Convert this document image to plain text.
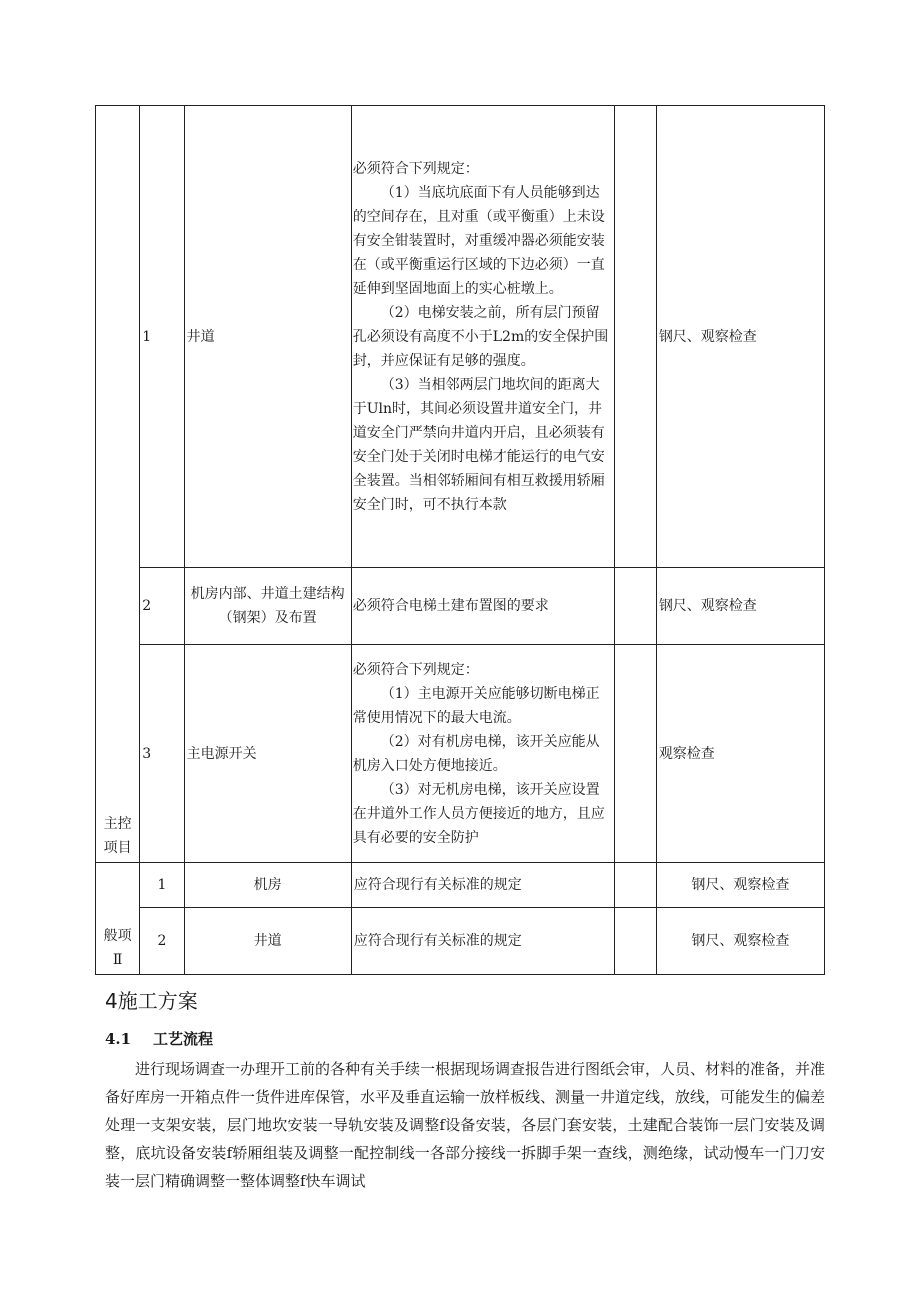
主控项目	1	井道	必须符合下列规定：

（1）当底坑底面下有人员能够到达的空间存在，且对重（或平衡重）上未设有安全钳装置时，对重缓冲器必须能安装在（或平衡重运行区域的下边必须）一直延伸到坚固地面上的实心桩墩上。

（2）电梯安装之前，所有层门预留孔必须设有高度不小于L2m的安全保护围封，并应保证有足够的强度。

（3）当相邻两层门地坎间的距离大于Uln时，其间必须设置井道安全门，井道安全门严禁向井道内开启，且必须装有安全门处于关闭时电梯才能运行的电气安全装置。当相邻轿厢间有相互救援用轿厢安全门时，可不执行本款		钢尺、观察检查
	2	机房内部、井道土建结构（钢架）及布置	必须符合电梯土建布置图的要求		钢尺、观察检查
	3	主电源开关	必须符合下列规定：

（1）主电源开关应能够切断电梯正常使用情况下的最大电流。

（2）对有机房电梯，该开关应能从机房入口处方便地接近。

（3）对无机房电梯，该开关应设置在井道外工作人员方便接近的地方，且应具有必要的安全防护		观察检查

般项Ⅱ	1	机房	应符合现行有关标准的规定		钢尺、观察检查
	2	井道	应符合现行有关标准的规定		钢尺、观察检查
4施工方案
4.1 工艺流程

进行现场调查一办理开工前的各种有关手续一根据现场调查报告进行图纸会审，人员、材料的准备，并准备好库房一开箱点件一货件进库保管，水平及垂直运输一放样板线、测量一井道定线，放线，可能发生的偏差处理一支架安装，层门地坎安装一导轨安装及调整f设备安装，各层门套安装，土建配合装饰一层门安装及调整，底坑设备安装f轿厢组装及调整一配控制线一各部分接线一拆脚手架一查线，测绝缘，试动慢车一门刀安装一层门精确调整一整体调整f快车调试
